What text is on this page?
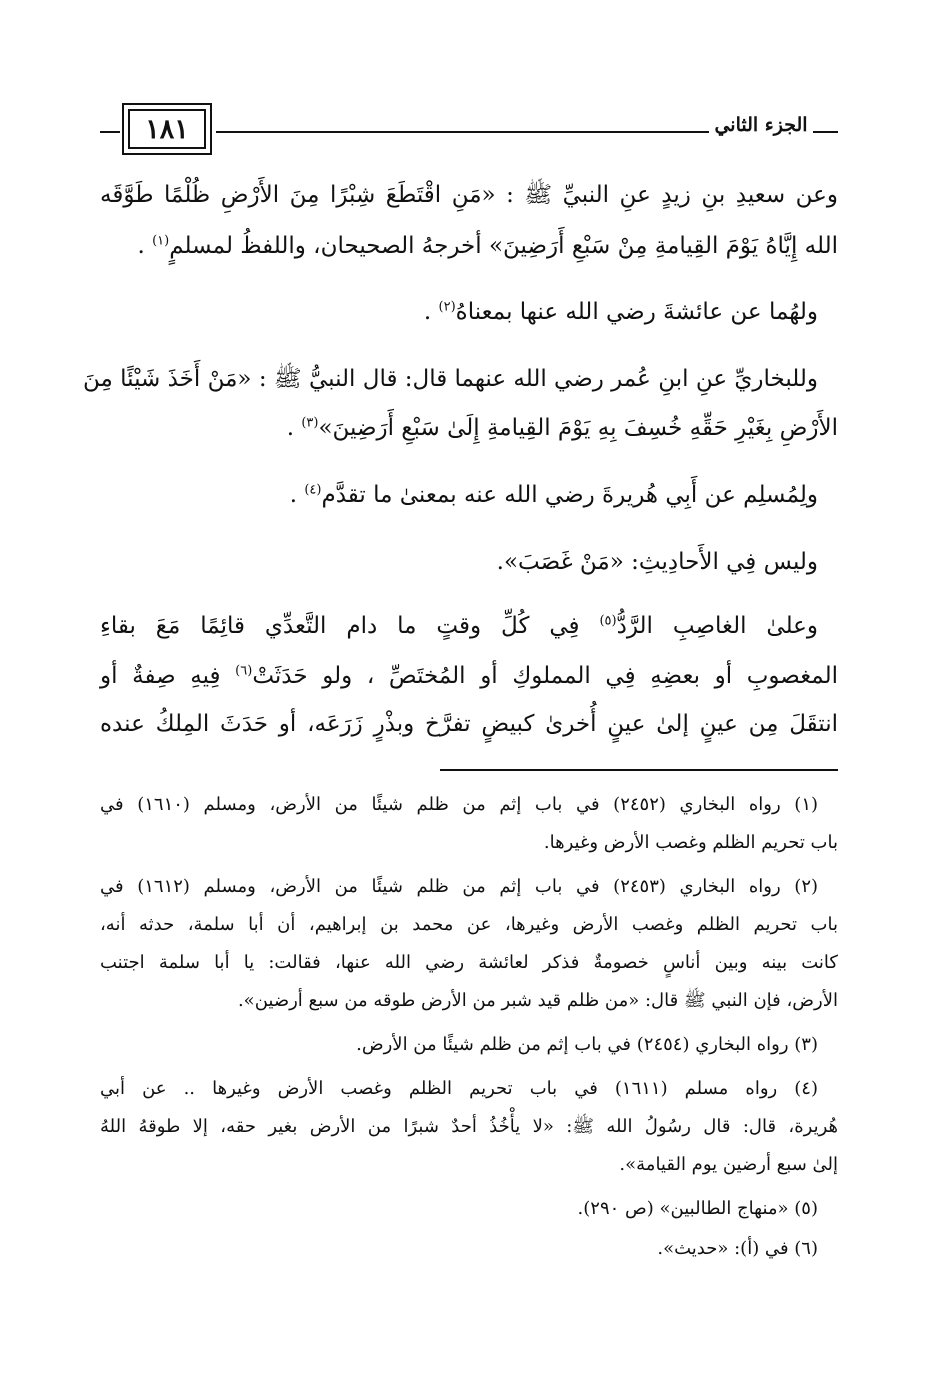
١٨١	الجزء الثاني
وعن سعيدِ بنِ زيدٍ عنِ النبيِّ ﷺ : «مَنِ اقْتَطَعَ شِبْرًا مِنَ الأَرْضِ ظُلْمًا طَوَّقَه
الله إِيَّاهُ يَوْمَ القِيامةِ مِنْ سَبْعِ أَرَضِينَ» أخرجهُ الصحيحان، واللفظُ لمسلمٍ$^{(١)}$ .
ولهُما عن عائشةَ رضي الله عنها بمعناهُ$^{(٢)}$ .
وللبخاريِّ عنِ ابنِ عُمر رضي الله عنهما قال: قال النبيُّ ﷺ : «مَنْ أَخَذَ شَيْئًا مِنَ
الأَرْضِ بِغَيْرِ حَقِّهِ خُسِفَ بِهِ يَوْمَ القِيامةِ إِلَىٰ سَبْعِ أَرَضِينَ»$^{(٣)}$ .
ولِمُسلِم عن أَبِي هُريرةَ رضي الله عنه بمعنىٰ ما تقدَّم$^{(٤)}$ .
وليس فِي الأَحادِيثِ: «مَنْ غَصَبَ».
وعلىٰ الغاصِبِ الرَّدُّ$^{(٥)}$ فِي كُلِّ وقتٍ ما دام التَّعدِّي قائِمًا مَعَ بقاءِ
المغصوبِ أو بعضِهِ فِي المملوكِ أو المُختَصِّ ، ولو حَدَثَتْ$^{(٦)}$ فِيهِ صِفةٌ أو
انتقَلَ مِن عينٍ إلىٰ عينٍ أُخرىٰ كبيضٍ تفرَّخ وبذْرٍ زَرَعَه، أو حَدَثَ المِلكُ عنده
(١) رواه البخاري (٢٤٥٢) في باب إثم من ظلم شيئًا من الأرض، ومسلم (١٦١٠) في
باب تحريم الظلم وغصب الأرض وغيرها.
(٢) رواه البخاري (٢٤٥٣) في باب إثم من ظلم شيئًا من الأرض، ومسلم (١٦١٢) في
باب تحريم الظلم وغصب الأرض وغيرها، عن محمد بن إبراهيم، أن أبا سلمة، حدثه أنه،
كانت بينه وبين أناسٍ خصومةٌ فذكر لعائشة رضي الله عنها، فقالت: يا أبا سلمة اجتنب
الأرض، فإن النبي ﷺ قال: «من ظلم قيد شبر من الأرض طوقه من سبع أرضين».
(٣) رواه البخاري (٢٤٥٤) في باب إثم من ظلم شيئًا من الأرض.
(٤) رواه مسلم (١٦١١) في باب تحريم الظلم وغصب الأرض وغيرها .. عن أبي
هُريرة، قال: قال رسُولُ الله ﷺ: «لا يأْخُذُ أحدٌ شبرًا من الأرض بغير حقه، إلا طوقهُ اللهُ
إلىٰ سبع أرضين يوم القيامة».
(٥) «منهاج الطالبين» (ص ٢٩٠).
(٦) في (أ): «حديث».
